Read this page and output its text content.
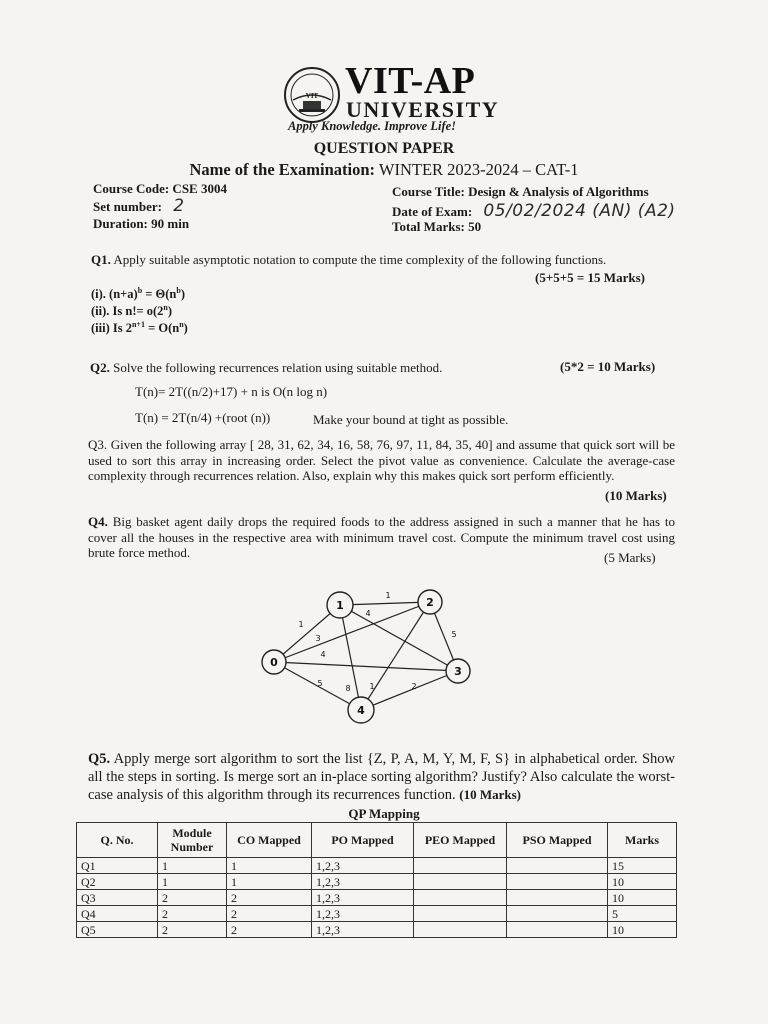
VIT VIT-AP
UNIVERSITY
Apply Knowledge. Improve Life!
QUESTION PAPER
Name of the Examination: WINTER 2023-2024 – CAT-1
Course Code: CSE 3004
Set number: 2
Duration: 90 min
Course Title: Design & Analysis of Algorithms
Date of Exam: 05/02/2024 (AN) (A2)
Total Marks: 50
Q1. Apply suitable asymptotic notation to compute the time complexity of the following functions.
(5+5+5 = 15 Marks)
(i). $(n+a)^b = \Theta(n^b)$
(ii). Is $n!= o(2^n)$
(iii) Is $2^{n+1} = O(n^n)$
Q2. Solve the following recurrences relation using suitable method.	(5*2 = 10 Marks)
T(n)= 2T((n/2)+17) + n is O(n log n)
T(n) = 2T(n/4) +(root (n))	Make your bound at tight as possible.
Q3. Given the following array [ 28, 31, 62, 34, 16, 58, 76, 97, 11, 84, 35, 40] and assume that quick sort will be used to sort this array in increasing order. Select the pivot value as convenience. Calculate the average-case complexity through recurrences relation. Also, explain why this makes quick sort perform efficiently.
(10 Marks)
Q4. Big basket agent daily drops the required foods to the address assigned in such a manner that he has to cover all the houses in the respective area with minimum travel cost. Compute the minimum travel cost using brute force method.	(5 Marks)
0
1	2
3
4
1
1
4
3
4
5
5
8 1	2
Q5. Apply merge sort algorithm to sort the list {Z, P, A, M, Y, M, F, S} in alphabetical order. Show all the steps in sorting. Is merge sort an in-place sorting algorithm? Justify? Also calculate the worst-case analysis of this algorithm through its recurrences function. (10 Marks)
QP Mapping
Q. No.	Module Number	CO Mapped	PO Mapped	PEO Mapped	PSO Mapped	Marks
Q1	1	1	1,2,3			15
Q2	1	1	1,2,3			10
Q3	2	2	1,2,3			10
Q4	2	2	1,2,3			5
Q5	2	2	1,2,3			10
